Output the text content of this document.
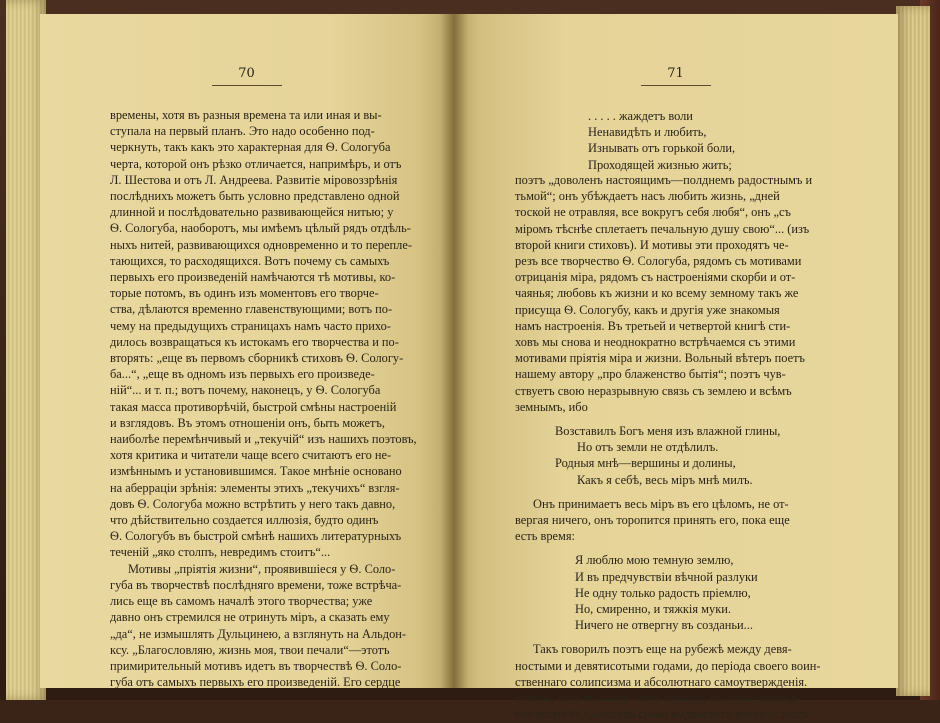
70
времены, хотя въ разныя времена та или иная и вы-
ступала на первый планъ. Это надо особенно под-
черкнуть, такъ какъ это характерная для Ѳ. Сологуба
черта, которой онъ рѣзко отличается, напримѣръ, и отъ
Л. Шестова и отъ Л. Андреева. Развитіе міровоззрѣнія
послѣднихъ можетъ быть условно представлено одной
длинной и послѣдовательно развивающейся нитью; у
Ѳ. Сологуба, наоборотъ, мы имѣемъ цѣлый рядъ отдѣль-
ныхъ нитей, развивающихся одновременно и то перепле-
тающихся, то расходящихся. Вотъ почему съ самыхъ
первыхъ его произведеній намѣчаются тѣ мотивы, ко-
торые потомъ, въ одинъ изъ моментовъ его творче-
ства, дѣлаются временно главенствующими; вотъ по-
чему на предыдущихъ страницахъ намъ часто прихо-
дилось возвращаться къ истокамъ его творчества и по-
вторять: „еще въ первомъ сборникѣ стиховъ Ѳ. Сологу-
ба...“, „еще въ одномъ изъ первыхъ его произведе-
ній“... и т. п.; вотъ почему, наконецъ, у Ѳ. Сологуба
такая масса противорѣчій, быстрой смѣны настроеній
и взглядовъ. Въ этомъ отношеніи онъ, быть можетъ,
наиболѣе перемѣнчивый и „текучій“ изъ нашихъ поэтовъ,
хотя критика и читатели чаще всего считаютъ его не-
измѣннымъ и установившимся. Такое мнѣніе основано
на аберраціи зрѣнія: элементы этихъ „текучихъ“ взгля-
довъ Ѳ. Сологуба можно встрѣтить у него такъ давно,
что дѣйствительно создается иллюзія, будто одинъ
Ѳ. Сологубъ въ быстрой смѣнѣ нашихъ литературныхъ
теченій „яко столпъ, невредимъ стоитъ“...
Мотивы „пріятія жизни“, проявившіеся у Ѳ. Соло-
губа въ творчествѣ послѣдняго времени, тоже встрѣча-
лись еще въ самомъ началѣ этого творчества; уже
давно онъ стремился не отринуть міръ, а сказать ему
„да“, не измышлять Дульцинею, а взглянуть на Альдон-
ксу. „Благословляю, жизнь моя, твои печали“—этотъ
примирительный мотивъ идетъ въ творчествѣ Ѳ. Соло-
губа отъ самыхъ первыхъ его произведеній. Его сердце
71
. . . . . жаждетъ воли
Ненавидѣть и любить,
Изнывать отъ горькой боли,
Проходящей жизнью жить;
поэтъ „доволенъ настоящимъ—полднемъ радостнымъ и
тьмой“; онъ убѣждаетъ насъ любить жизнь, „дней
тоской не отравляя, все вокругъ себя любя“, онъ „съ
міромъ тѣснѣе сплетаетъ печальную душу свою“... (изъ
второй книги стиховъ). И мотивы эти проходятъ че-
резъ все творчество Ѳ. Сологуба, рядомъ съ мотивами
отрицанія міра, рядомъ съ настроеніями скорби и от-
чаянья; любовь къ жизни и ко всему земному такъ же
присуща Ѳ. Сологубу, какъ и другія уже знакомыя
намъ настроенія. Въ третьей и четвертой книгѣ сти-
ховъ мы снова и неоднократно встрѣчаемся съ этими
мотивами пріятія міра и жизни. Вольный вѣтеръ поетъ
нашему автору „про блаженство бытія“; поэтъ чув-
ствуетъ свою неразрывную связь съ землею и всѣмъ
земнымъ, ибо
Возставилъ Богъ меня изъ влажной глины,
Но отъ земли не отдѣлилъ.
Родныя мнѣ—вершины и долины,
Какъ я себѣ, весь міръ мнѣ милъ.
Онъ принимаетъ весь міръ въ его цѣломъ, не от-
вергая ничего, онъ торопится принять его, пока еще
есть время:
Я люблю мою темную землю,
И въ предчувствіи вѣчной разлуки
Не одну только радость пріемлю,
Но, смиренно, и тяжкія муки.
Ничего не отвергну въ созданьи...
Такъ говорилъ поэтъ еще на рубежѣ между девя-
ностыми и девятисотыми годами, до періода своего воин-
ственнаго солипсизма и абсолютнаго самоутвержденія.
Теперь, стоя въ концѣ этого періода, въ самое послѣд-
нее время Ѳ. Сологубъ снова выдвигаетъ впередъ этотъ
